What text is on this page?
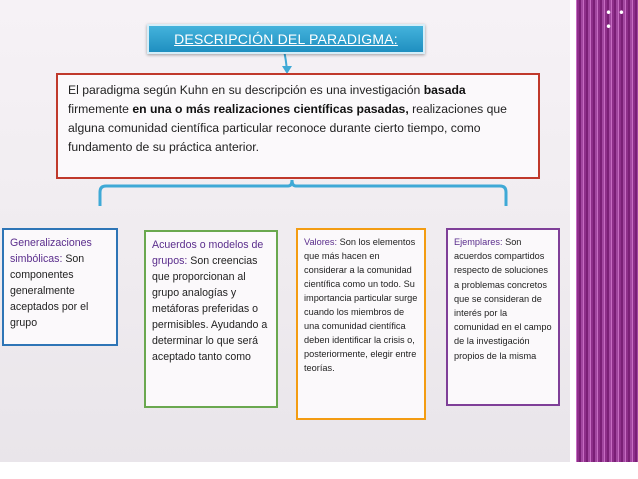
• • •
DESCRIPCIÓN DEL PARADIGMA:
El paradigma según Kuhn en su descripción es una investigación basada firmemente en una o más realizaciones científicas pasadas, realizaciones que alguna comunidad científica particular reconoce durante cierto tiempo, como fundamento de su práctica anterior.
Generalizaciones simbólicas: Son componentes generalmente aceptados por el grupo
Acuerdos o modelos de grupos: Son creencias que proporcionan al grupo analogías y metáforas preferidas o permisibles. Ayudando a determinar lo que será aceptado tanto como
Valores: Son los elementos que más hacen en considerar a la comunidad científica como un todo. Su importancia particular surge cuando los miembros de una comunidad científica deben identificar la crisis o, posteriormente, elegir entre teorías.
Ejemplares: Son acuerdos compartidos respecto de soluciones a problemas concretos que se consideran de interés por la comunidad en el campo de la investigación propios de la misma
